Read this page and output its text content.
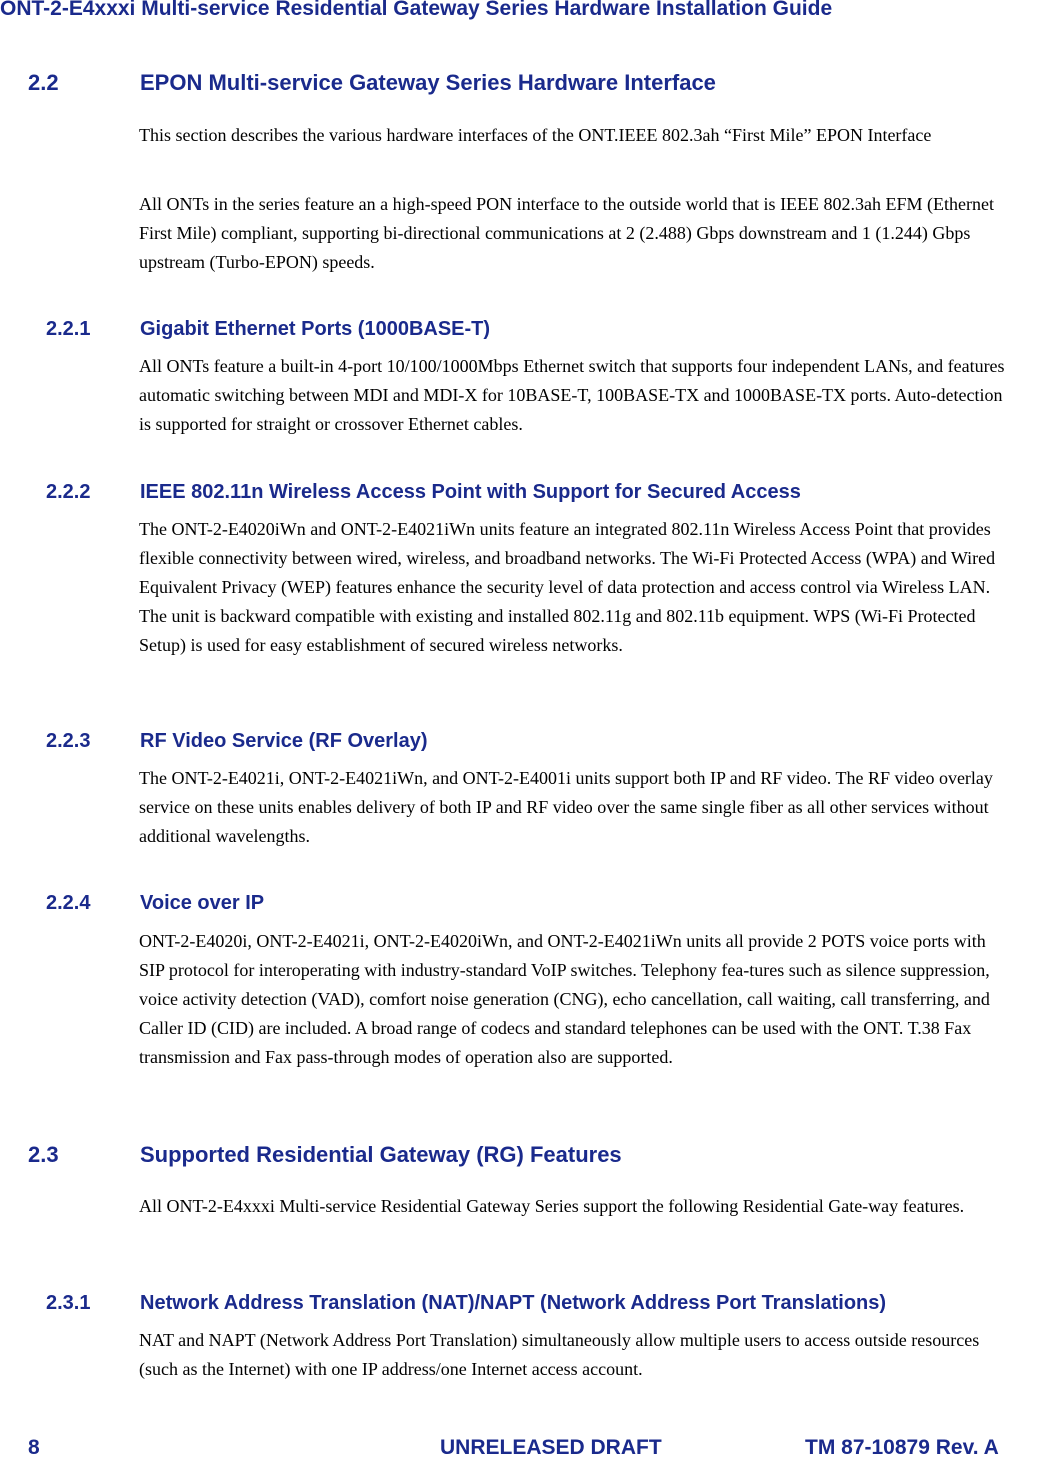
ONT-2-E4xxxi Multi-service Residential Gateway Series Hardware Installation Guide
2.2	EPON Multi-service Gateway Series Hardware Interface

This section describes the various hardware interfaces of the ONT.IEEE 802.3ah “First Mile” EPON Interface

All ONTs in the series feature an a high-speed PON interface to the outside world that is IEEE 802.3ah EFM (Ethernet First Mile) compliant, supporting bi-directional communications at 2 (2.488) Gbps downstream and 1 (1.244) Gbps upstream (Turbo-EPON) speeds.

2.2.1 Gigabit Ethernet Ports (1000BASE-T)

All ONTs feature a built-in 4-port 10/100/1000Mbps Ethernet switch that supports four independent LANs, and features automatic switching between MDI and MDI-X for 10BASE-T, 100BASE-TX and 1000BASE-TX ports. Auto-detection is supported for straight or crossover Ethernet cables.

2.2.2 IEEE 802.11n Wireless Access Point with Support for Secured Access

The ONT-2-E4020iWn and ONT-2-E4021iWn units feature an integrated 802.11n Wireless Access Point that provides flexible connectivity between wired, wireless, and broadband networks. The Wi-Fi Protected Access (WPA) and Wired Equivalent Privacy (WEP) features enhance the security level of data protection and access control via Wireless LAN. The unit is backward compatible with existing and installed 802.11g and 802.11b equipment. WPS (Wi-Fi Protected Setup) is used for easy establishment of secured wireless networks.

2.2.3 RF Video Service (RF Overlay)

The ONT-2-E4021i, ONT-2-E4021iWn, and ONT-2-E4001i units support both IP and RF video. The RF video overlay service on these units enables delivery of both IP and RF video over the same single fiber as all other services without additional wavelengths.

2.2.4 Voice over IP

ONT-2-E4020i, ONT-2-E4021i, ONT-2-E4020iWn, and ONT-2-E4021iWn units all provide 2 POTS voice ports with SIP protocol for interoperating with industry-standard VoIP switches. Telephony fea-tures such as silence suppression, voice activity detection (VAD), comfort noise generation (CNG), echo cancellation, call waiting, call transferring, and Caller ID (CID) are included. A broad range of codecs and standard telephones can be used with the ONT. T.38 Fax transmission and Fax pass-through modes of operation also are supported.

2.3	Supported Residential Gateway (RG) Features

All ONT-2-E4xxxi Multi-service Residential Gateway Series support the following Residential Gate-way features.

2.3.1 Network Address Translation (NAT)/NAPT (Network Address Port Translations)

NAT and NAPT (Network Address Port Translation) simultaneously allow multiple users to access outside resources (such as the Internet) with one IP address/one Internet access account.

8	UNRELEASED DRAFT	TM 87-10879 Rev. A
